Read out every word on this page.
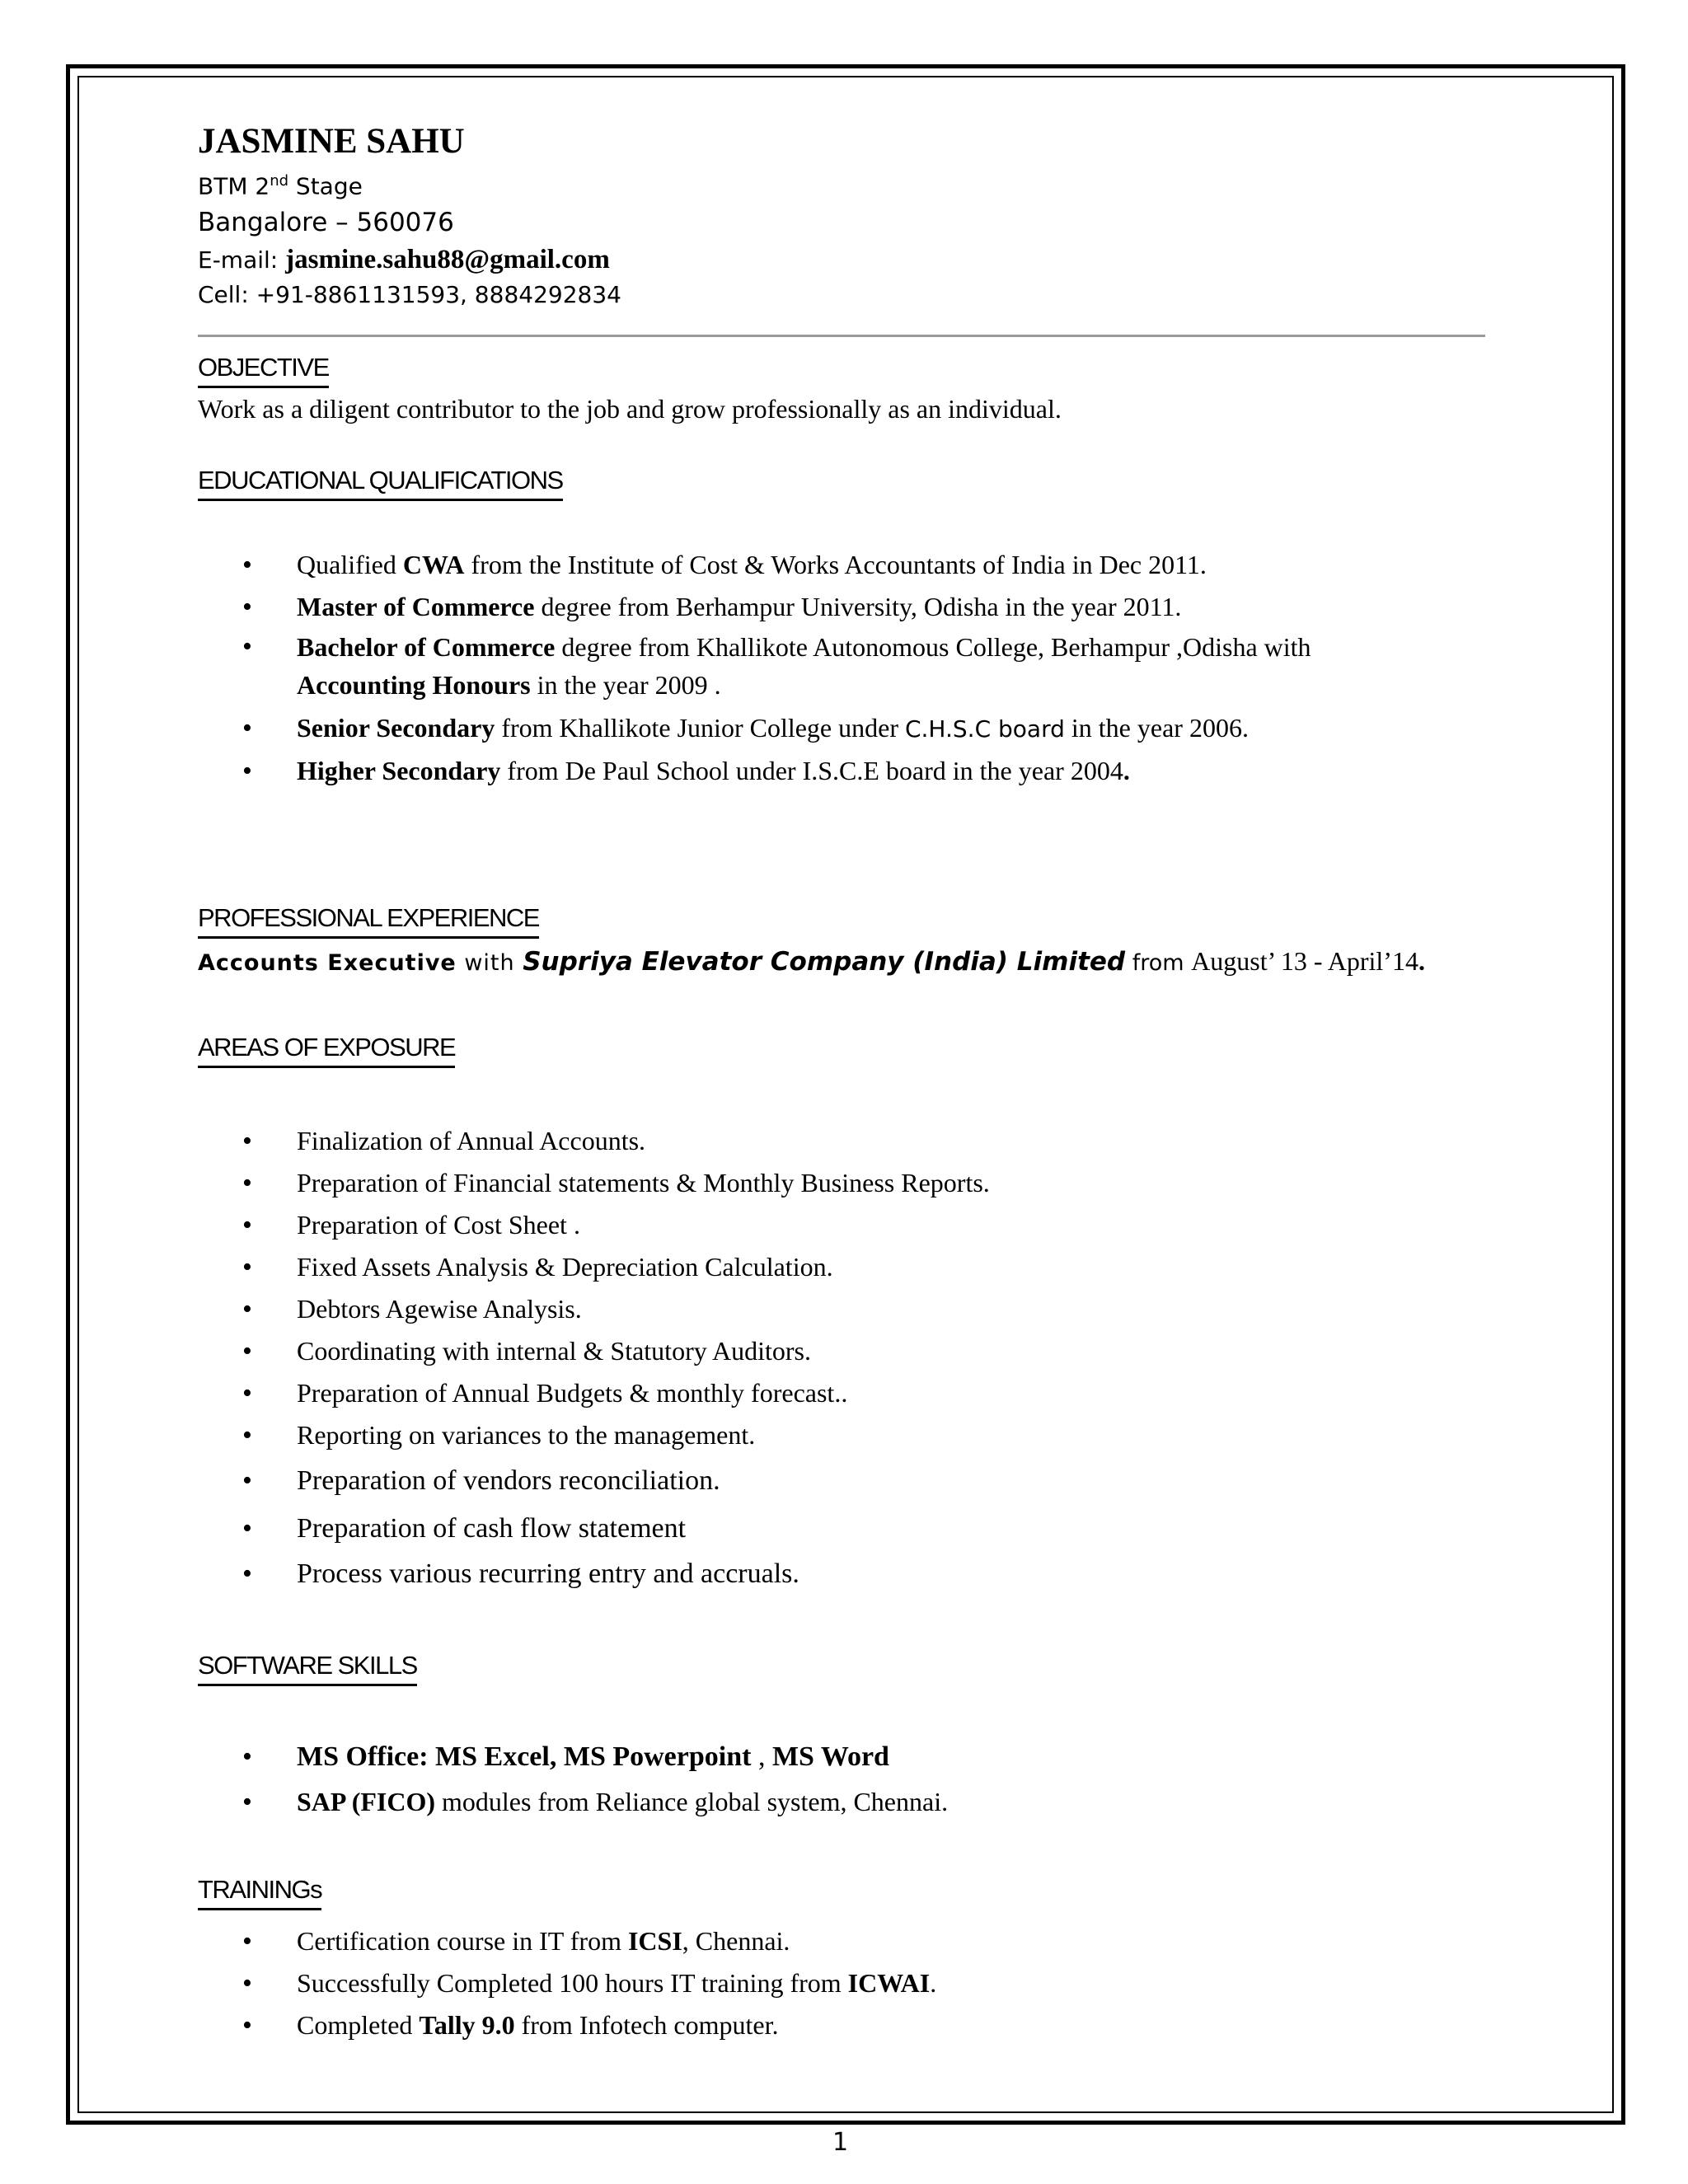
JASMINE SAHU
BTM 2nd Stage
Bangalore – 560076
E-mail: jasmine.sahu88@gmail.com
Cell: +91-8861131593, 8884292834
OBJECTIVE
Work as a diligent contributor to the job and grow professionally as an individual.
EDUCATIONAL QUALIFICATIONS
• Qualified CWA from the Institute of Cost & Works Accountants of India in Dec 2011.
• Master of Commerce degree from Berhampur University, Odisha in the year 2011.
• Bachelor of Commerce degree from Khallikote Autonomous College, Berhampur ,Odisha with
Accounting Honours in the year 2009 .
• Senior Secondary from Khallikote Junior College under C.H.S.C board in the year 2006.
• Higher Secondary from De Paul School under I.S.C.E board in the year 2004.
PROFESSIONAL EXPERIENCE
Accounts Executive with Supriya Elevator Company (India) Limited from August’ 13 - April’14.
AREAS OF EXPOSURE
• Finalization of Annual Accounts.
• Preparation of Financial statements & Monthly Business Reports.
• Preparation of Cost Sheet .
• Fixed Assets Analysis & Depreciation Calculation.
• Debtors Agewise Analysis.
• Coordinating with internal & Statutory Auditors.
• Preparation of Annual Budgets & monthly forecast..
• Reporting on variances to the management.
• Preparation of vendors reconciliation.
• Preparation of cash flow statement
• Process various recurring entry and accruals.
SOFTWARE SKILLS
• MS Office: MS Excel, MS Powerpoint , MS Word
• SAP (FICO) modules from Reliance global system, Chennai.
TRAININGs
• Certification course in IT from ICSI, Chennai.
• Successfully Completed 100 hours IT training from ICWAI.
• Completed Tally 9.0 from Infotech computer.
1
